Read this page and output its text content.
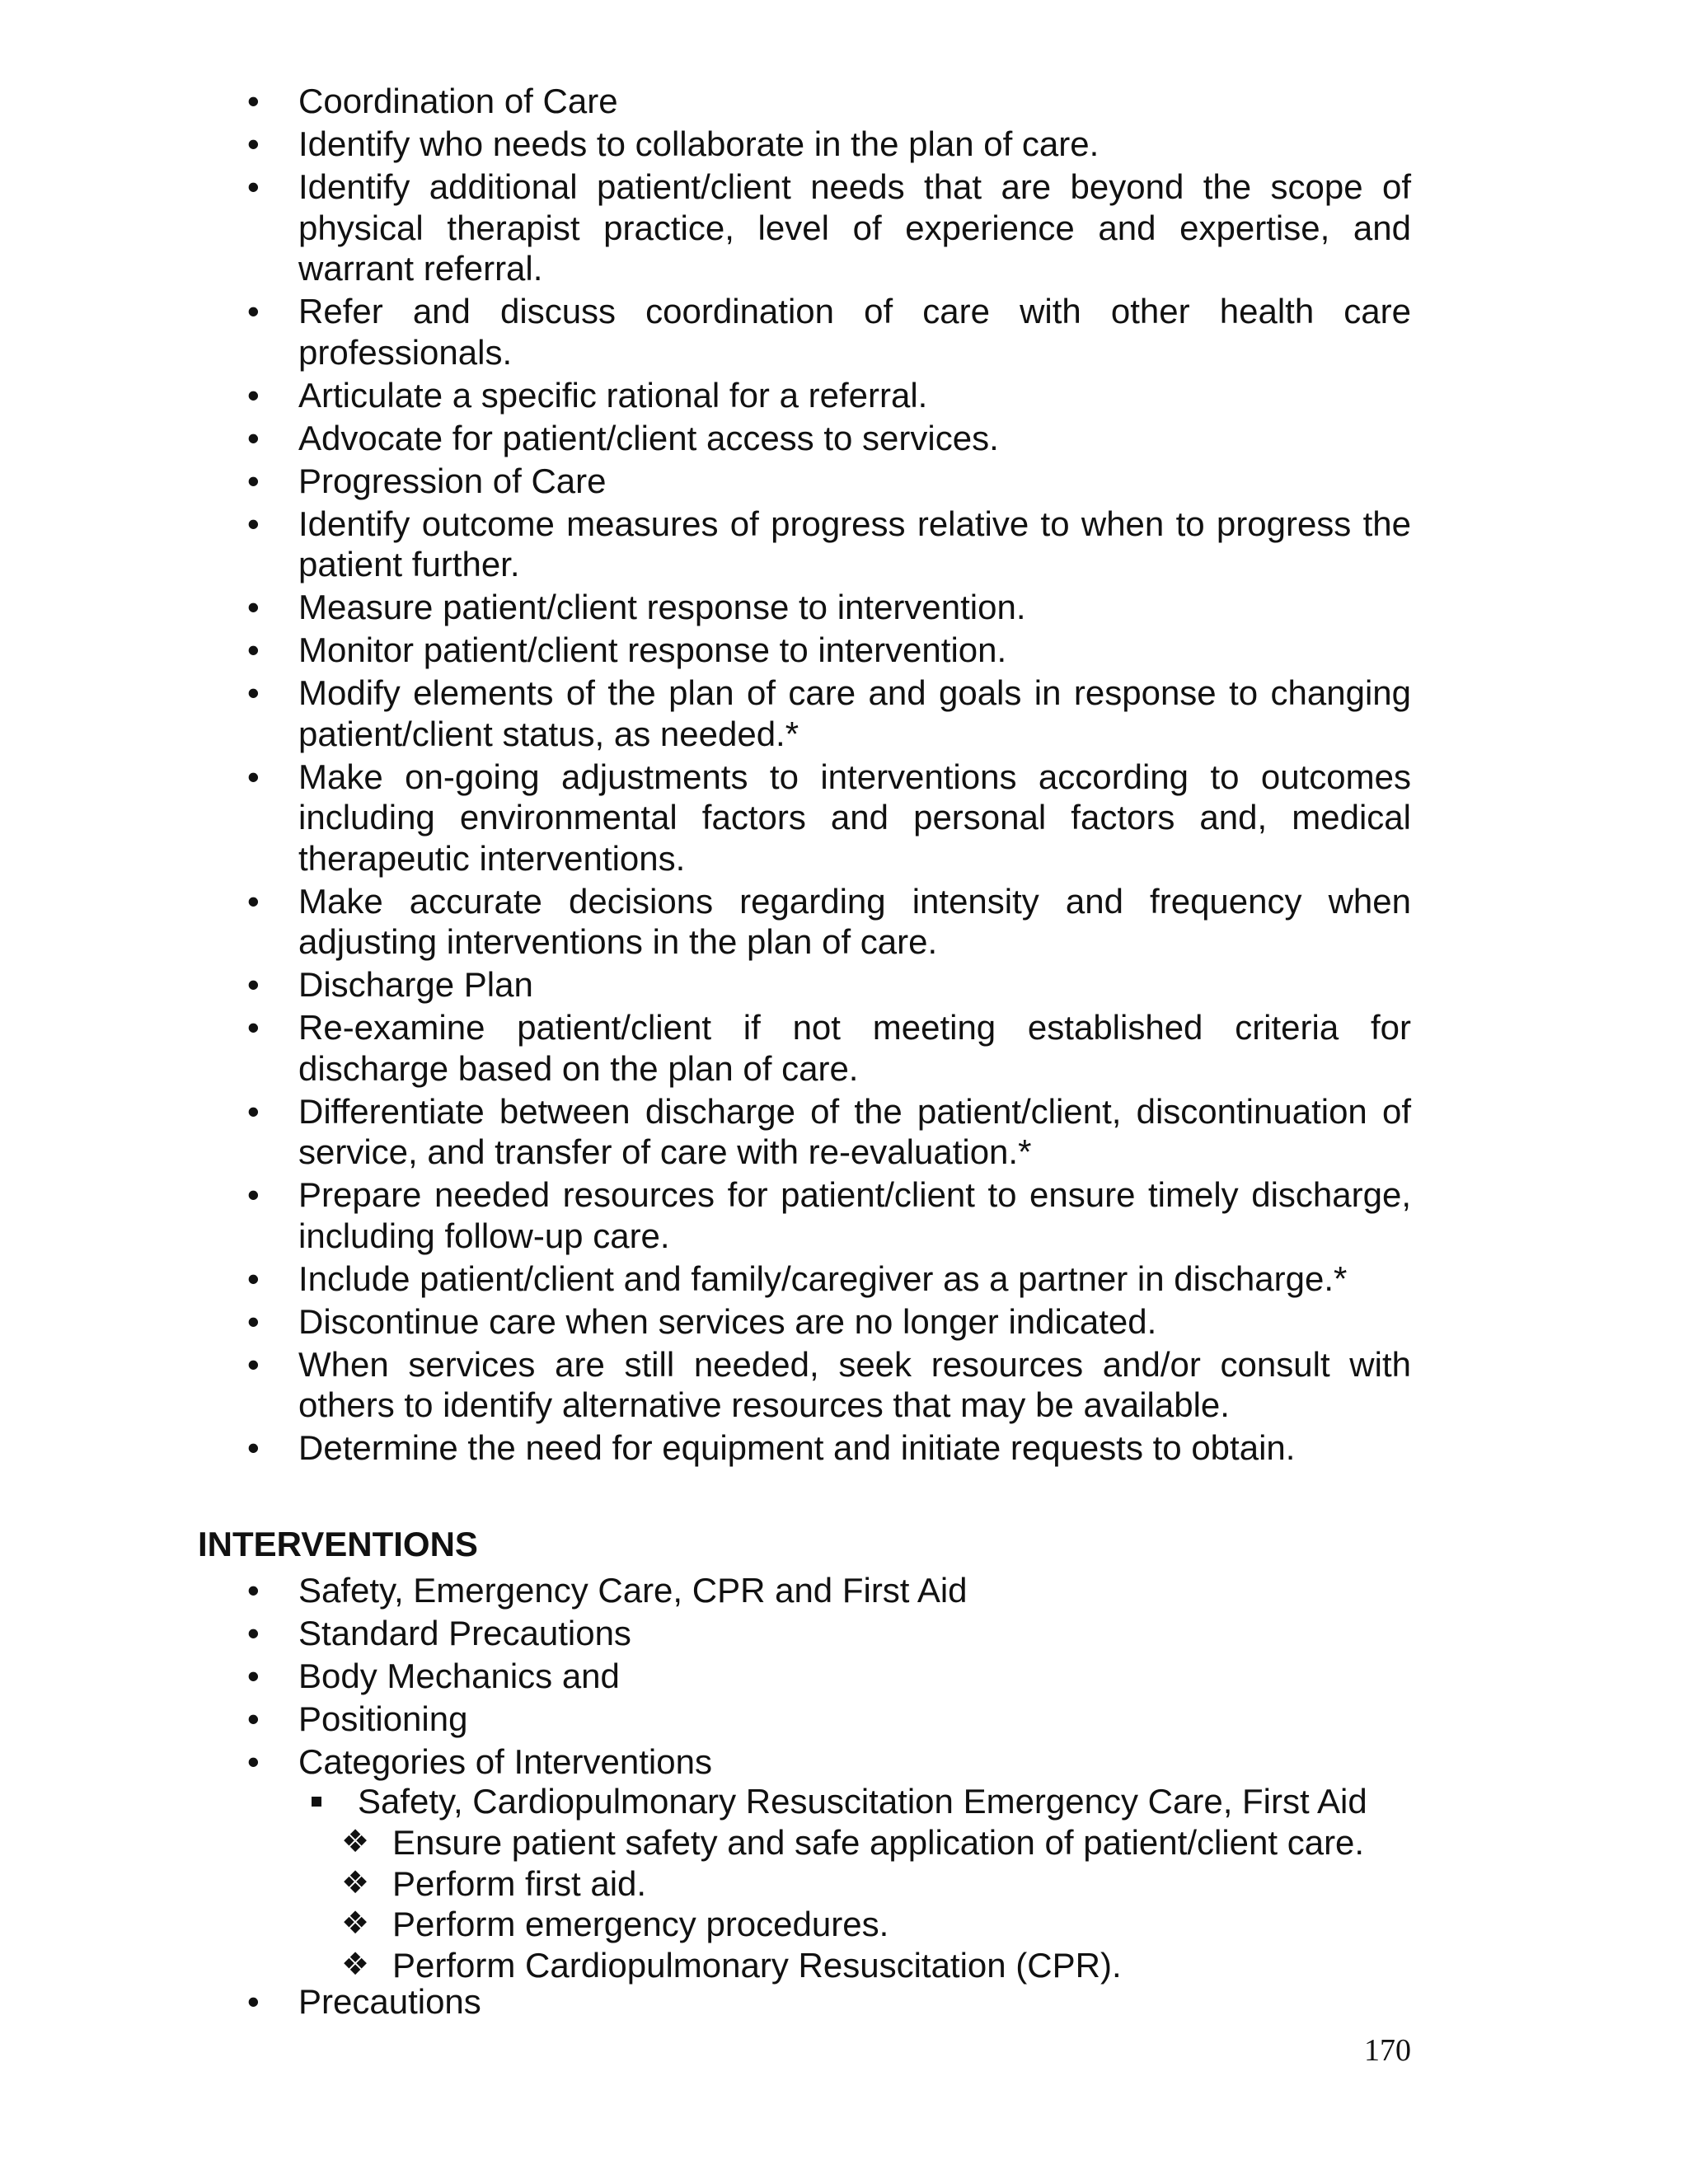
• Coordination of Care
• Identify who needs to collaborate in the plan of care.
• Identify additional patient/client needs that are beyond the scope of physical therapist practice, level of experience and expertise, and warrant referral.
• Refer and discuss coordination of care with other health care professionals.
• Articulate a specific rational for a referral.
• Advocate for patient/client access to services.
• Progression of Care
• Identify outcome measures of progress relative to when to progress the patient further.
• Measure patient/client response to intervention.
• Monitor patient/client response to intervention.
• Modify elements of the plan of care and goals in response to changing patient/client status, as needed.*
• Make on-going adjustments to interventions according to outcomes including environmental factors and personal factors and, medical therapeutic interventions.
• Make accurate decisions regarding intensity and frequency when adjusting interventions in the plan of care.
• Discharge Plan
• Re-examine patient/client if not meeting established criteria for discharge based on the plan of care.
• Differentiate between discharge of the patient/client, discontinuation of service, and transfer of care with re-evaluation.*
• Prepare needed resources for patient/client to ensure timely discharge, including follow-up care.
• Include patient/client and family/caregiver as a partner in discharge.*
• Discontinue care when services are no longer indicated.
• When services are still needed, seek resources and/or consult with others to identify alternative resources that may be available.
• Determine the need for equipment and initiate requests to obtain.
INTERVENTIONS
• Safety, Emergency Care, CPR and First Aid
• Standard Precautions
• Body Mechanics and
• Positioning
• Categories of Interventions
Safety, Cardiopulmonary Resuscitation Emergency Care, First Aid
❖ Ensure patient safety and safe application of patient/client care.
❖ Perform first aid.
❖ Perform emergency procedures.
❖ Perform Cardiopulmonary Resuscitation (CPR).
• Precautions

170
